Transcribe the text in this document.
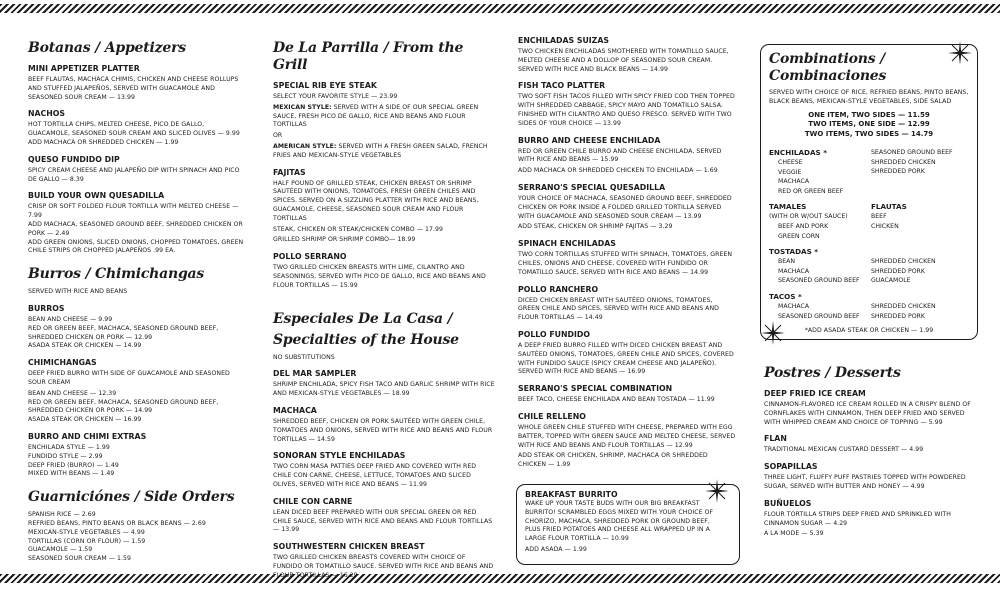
Botanas / Appetizers
MINI APPETIZER PLATTER
BEEF FLAUTAS, MACHACA CHIMIS, CHICKEN AND CHEESE ROLLUPS AND STUFFED JALAPEÑOS, SERVED WITH GUACAMOLE AND SEASONED SOUR CREAM — 13.99
NACHOS
HOT TORTILLA CHIPS, MELTED CHEESE, PICO DE GALLO, GUACAMOLE, SEASONED SOUR CREAM AND SLICED OLIVES — 9.99
ADD MACHACA OR SHREDDED CHICKEN — 1.99
QUESO FUNDIDO DIP
SPICY CREAM CHEESE AND JALAPEÑO DIP WITH SPINACH AND PICO DE GALLO — 8.39
BUILD YOUR OWN QUESADILLA
CRISP OR SOFT FOLDED FLOUR TORTILLA WITH MELTED CHEESE — 7.99
ADD MACHACA, SEASONED GROUND BEEF, SHREDDED CHICKEN OR PORK — 2.49
ADD GREEN ONIONS, SLICED ONIONS, CHOPPED TOMATOES, GREEN CHILE STRIPS OR CHOPPED JALAPEÑOS .99 EA.
Burros / Chimichangas
SERVED WITH RICE AND BEANS
BURROS
BEAN AND CHEESE — 9.99
RED OR GREEN BEEF, MACHACA, SEASONED GROUND BEEF, SHREDDED CHICKEN OR PORK — 12.99
ASADA STEAK OR CHICKEN — 14.99
CHIMICHANGAS
DEEP FRIED BURRO WITH SIDE OF GUACAMOLE AND SEASONED SOUR CREAM
BEAN AND CHEESE — 12.39
RED OR GREEN BEEF, MACHACA, SEASONED GROUND BEEF, SHREDDED CHICKEN OR PORK — 14.99
ASADA STEAK OR CHICKEN — 16.99
BURRO AND CHIMI EXTRAS
ENCHILADA STYLE — 1.99
FUNDIDO STYLE — 2.99
DEEP FRIED (BURRO) — 1.49
MIXED WITH BEANS — 1.49
Guarniciónes / Side Orders
SPANISH RICE — 2.69
REFRIED BEANS, PINTO BEANS OR BLACK BEANS — 2.69
MEXICAN-STYLE VEGETABLES — 4.99
TORTILLAS (CORN OR FLOUR) — 1.59
GUACAMOLE — 1.59
SEASONED SOUR CREAM — 1.59
De La Parrilla / From the Grill
SPECIAL RIB EYE STEAK
SELECT YOUR FAVORITE STYLE — 23.99
MEXICAN STYLE: SERVED WITH A SIDE OF OUR SPECIAL GREEN SAUCE, FRESH PICO DE GALLO, RICE AND BEANS AND FLOUR TORTILLAS
OR
AMERICAN STYLE: SERVED WITH A FRESH GREEN SALAD, FRENCH FRIES AND MEXICAN-STYLE VEGETABLES
FAJITAS
HALF POUND OF GRILLED STEAK, CHICKEN BREAST OR SHRIMP SAUTÉED WITH ONIONS, TOMATOES, FRESH GREEN CHILES AND SPICES. SERVED ON A SIZZLING PLATTER WITH RICE AND BEANS, GUACAMOLE, CHEESE, SEASONED SOUR CREAM AND FLOUR TORTILLAS
STEAK, CHICKEN OR STEAK/CHICKEN COMBO — 17.99
GRILLED SHRIMP OR SHRIMP COMBO— 18.99
POLLO SERRANO
TWO GRILLED CHICKEN BREASTS WITH LIME, CILANTRO AND SEASONINGS, SERVED WITH PICO DE GALLO, RICE AND BEANS AND FLOUR TORTILLAS — 15.99
Especiales De La Casa /
Specialties of the House
NO SUBSTITUTIONS
DEL MAR SAMPLER
SHRIMP ENCHILADA, SPICY FISH TACO AND GARLIC SHRIMP WITH RICE AND MEXICAN-STYLE VEGETABLES — 18.99
MACHACA
SHREDDED BEEF, CHICKEN OR PORK SAUTÉED WITH GREEN CHILE, TOMATOES AND ONIONS, SERVED WITH RICE AND BEANS AND FLOUR TORTILLAS — 14.59
SONORAN STYLE ENCHILADAS
TWO CORN MASA PATTIES DEEP FRIED AND COVERED WITH RED CHILE CON CARNE, CHEESE, LETTUCE, TOMATOES AND SLICED OLIVES, SERVED WITH RICE AND BEANS — 11.99
CHILE CON CARNE
LEAN DICED BEEF PREPARED WITH OUR SPECIAL GREEN OR RED CHILE SAUCE, SERVED WITH RICE AND BEANS AND FLOUR TORTILLAS — 13.99
SOUTHWESTERN CHICKEN BREAST
TWO GRILLED CHICKEN BREASTS COVERED WITH CHOICE OF FUNDIDO OR TOMATILLO SAUCE. SERVED WITH RICE AND BEANS AND FLOUR TORTILLAS — 16.29
ENCHILADAS SUIZAS
TWO CHICKEN ENCHILADAS SMOTHERED WITH TOMATILLO SAUCE, MELTED CHEESE AND A DOLLOP OF SEASONED SOUR CREAM. SERVED WITH RICE AND BLACK BEANS — 14.99
FISH TACO PLATTER
TWO SOFT FISH TACOS FILLED WITH SPICY FRIED COD THEN TOPPED WITH SHREDDED CABBAGE, SPICY MAYO AND TOMATILLO SALSA. FINISHED WITH CILANTRO AND QUESO FRESCO. SERVED WITH TWO SIDES OF YOUR CHOICE — 13.99
BURRO AND CHEESE ENCHILADA
RED OR GREEN CHILE BURRO AND CHEESE ENCHILADA, SERVED WITH RICE AND BEANS — 15.99
ADD MACHACA OR SHREDDED CHICKEN TO ENCHILADA — 1.69
SERRANO'S SPECIAL QUESADILLA
YOUR CHOICE OF MACHACA, SEASONED GROUND BEEF, SHREDDED CHICKEN OR PORK INSIDE A FOLDED GRILLED TORTILLA SERVED WITH GUACAMOLE AND SEASONED SOUR CREAM — 13.99
ADD STEAK, CHICKEN OR SHRIMP FAJITAS — 3.29
SPINACH ENCHILADAS
TWO CORN TORTILLAS STUFFED WITH SPINACH, TOMATOES, GREEN CHILES, ONIONS AND CHEESE, COVERED WITH FUNDIDO OR TOMATILLO SAUCE, SERVED WITH RICE AND BEANS — 14.99
POLLO RANCHERO
DICED CHICKEN BREAST WITH SAUTÉED ONIONS, TOMATOES, GREEN CHILE AND SPICES, SERVED WITH RICE AND BEANS AND FLOUR TORTILLAS — 14.49
POLLO FUNDIDO
A DEEP FRIED BURRO FILLED WITH DICED CHICKEN BREAST AND SAUTÉED ONIONS, TOMATOES, GREEN CHILE AND SPICES, COVERED WITH FUNDIDO SAUCE (SPICY CREAM CHEESE AND JALAPEÑO). SERVED WITH RICE AND BEANS — 16.99
SERRANO'S SPECIAL COMBINATION
BEEF TACO, CHEESE ENCHILADA AND BEAN TOSTADA — 11.99
CHILE RELLENO
WHOLE GREEN CHILE STUFFED WITH CHEESE, PREPARED WITH EGG BATTER, TOPPED WITH GREEN SAUCE AND MELTED CHEESE, SERVED WITH RICE AND BEANS AND FLOUR TORTILLAS — 12.99
ADD STEAK OR CHICKEN, SHRIMP, MACHACA OR SHREDDED CHICKEN — 1.99
BREAKFAST BURRITO
WAKE UP YOUR TASTE BUDS WITH OUR BIG BREAKFAST BURRITO! SCRAMBLED EGGS MIXED WITH YOUR CHOICE OF CHORIZO, MACHACA, SHREDDED PORK OR GROUND BEEF, PLUS FRIED POTATOES AND CHEESE ALL WRAPPED UP IN A LARGE FLOUR TORTILLA — 10.99
ADD ASADA — 1.99
Combinations / Combinaciones
SERVED WITH CHOICE OF RICE, REFRIED BEANS, PINTO BEANS, BLACK BEANS, MEXICAN-STYLE VEGETABLES, SIDE SALAD
ONE ITEM, TWO SIDES — 11.59
TWO ITEMS, ONE SIDE — 12.99
TWO ITEMS, TWO SIDES — 14.79
ENCHILADAS *
CHEESE
VEGGIE
MACHACA
RED OR GREEN BEEF
SEASONED GROUND BEEF
SHREDDED CHICKEN
SHREDDED PORK
TAMALES
(WITH OR W/OUT SAUCE)
BEEF AND PORK
GREEN CORN
FLAUTAS
BEEF
CHICKEN
TOSTADAS *
BEAN
MACHACA
SEASONED GROUND BEEF
SHREDDED CHICKEN
SHREDDED PORK
GUACAMOLE
TACOS *
MACHACA
SEASONED GROUND BEEF
SHREDDED CHICKEN
SHREDDED PORK
*ADD ASADA STEAK OR CHICKEN — 1.99
Postres / Desserts
DEEP FRIED ICE CREAM
CINNAMON-FLAVORED ICE CREAM ROLLED IN A CRISPY BLEND OF CORNFLAKES WITH CINNAMON, THEN DEEP FRIED AND SERVED WITH WHIPPED CREAM AND CHOICE OF TOPPING — 5.99
FLAN
TRADITIONAL MEXICAN CUSTARD DESSERT — 4.99
SOPAPILLAS
THREE LIGHT, FLUFFY PUFF PASTRIES TOPPED WITH POWDERED SUGAR, SERVED WITH BUTTER AND HONEY — 4.99
BUÑUELOS
FLOUR TORTILLA STRIPS DEEP FRIED AND SPRINKLED WITH CINNAMON SUGAR — 4.29
A LA MODE — 5.39
